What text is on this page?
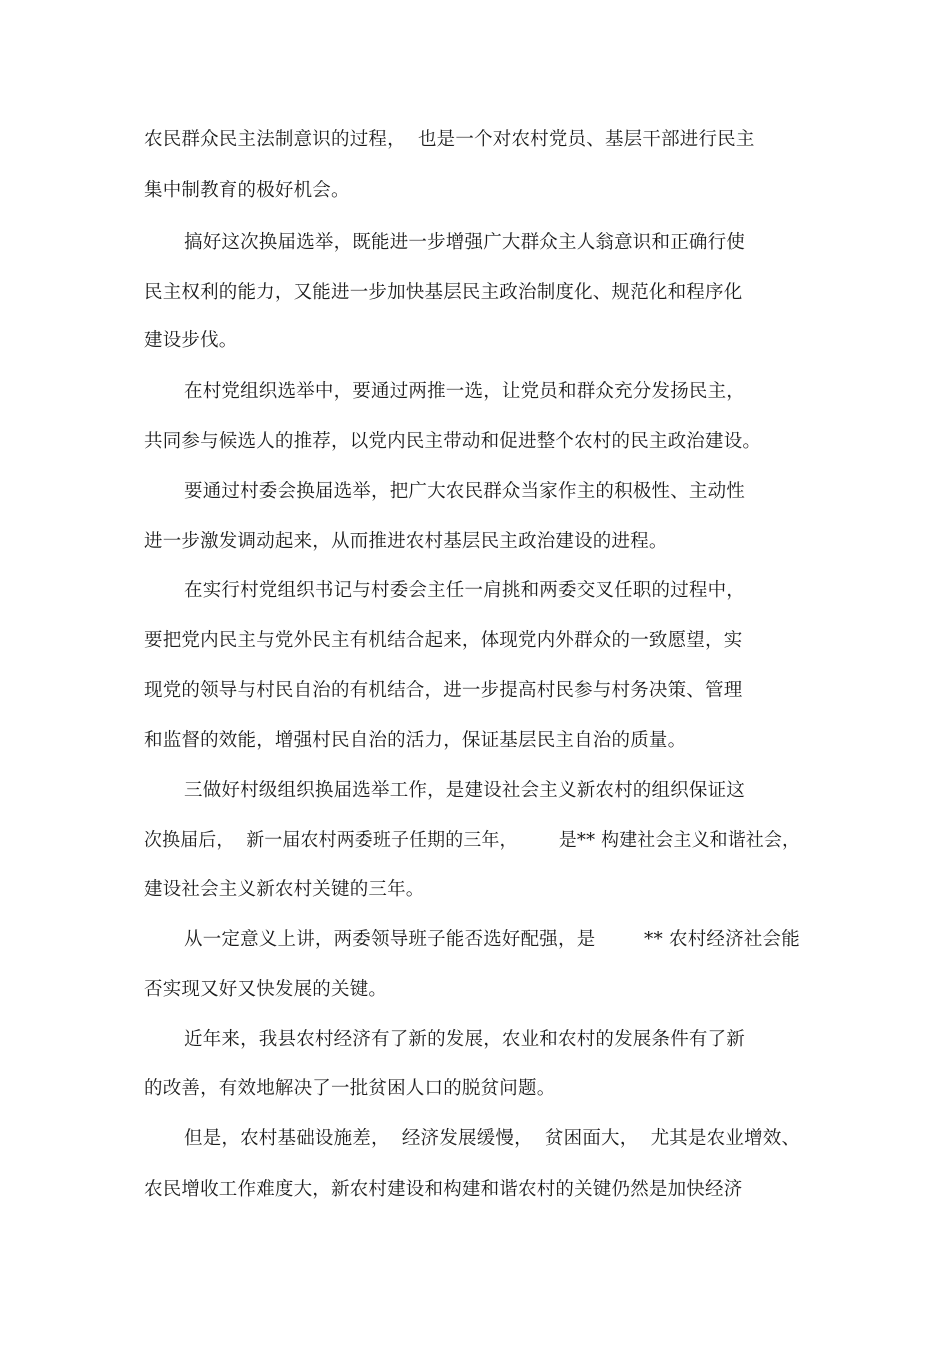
农民群众民主法制意识的过程，  也是一个对农村党员、基层干部进行民主
集中制教育的极好机会。
搞好这次换届选举，既能进一步增强广大群众主人翁意识和正确行使
民主权利的能力，又能进一步加快基层民主政治制度化、规范化和程序化
建设步伐。
在村党组织选举中，要通过两推一选，让党员和群众充分发扬民主，
共同参与候选人的推荐，以党内民主带动和促进整个农村的民主政治建设。
要通过村委会换届选举，把广大农民群众当家作主的积极性、主动性
进一步激发调动起来，从而推进农村基层民主政治建设的进程。
在实行村党组织书记与村委会主任一肩挑和两委交叉任职的过程中，
要把党内民主与党外民主有机结合起来，体现党内外群众的一致愿望，实
现党的领导与村民自治的有机结合，进一步提高村民参与村务决策、管理
和监督的效能，增强村民自治的活力，保证基层民主自治的质量。
三做好村级组织换届选举工作，是建设社会主义新农村的组织保证这
次换届后，  新一届农村两委班子任期的三年，       是** 构建社会主义和谐社会，
建设社会主义新农村关键的三年。
从一定意义上讲，两委领导班子能否选好配强，是        ** 农村经济社会能
否实现又好又快发展的关键。
近年来，我县农村经济有了新的发展，农业和农村的发展条件有了新
的改善，有效地解决了一批贫困人口的脱贫问题。
但是，农村基础设施差，  经济发展缓慢，  贫困面大，  尤其是农业增效、
农民增收工作难度大，新农村建设和构建和谐农村的关键仍然是加快经济
